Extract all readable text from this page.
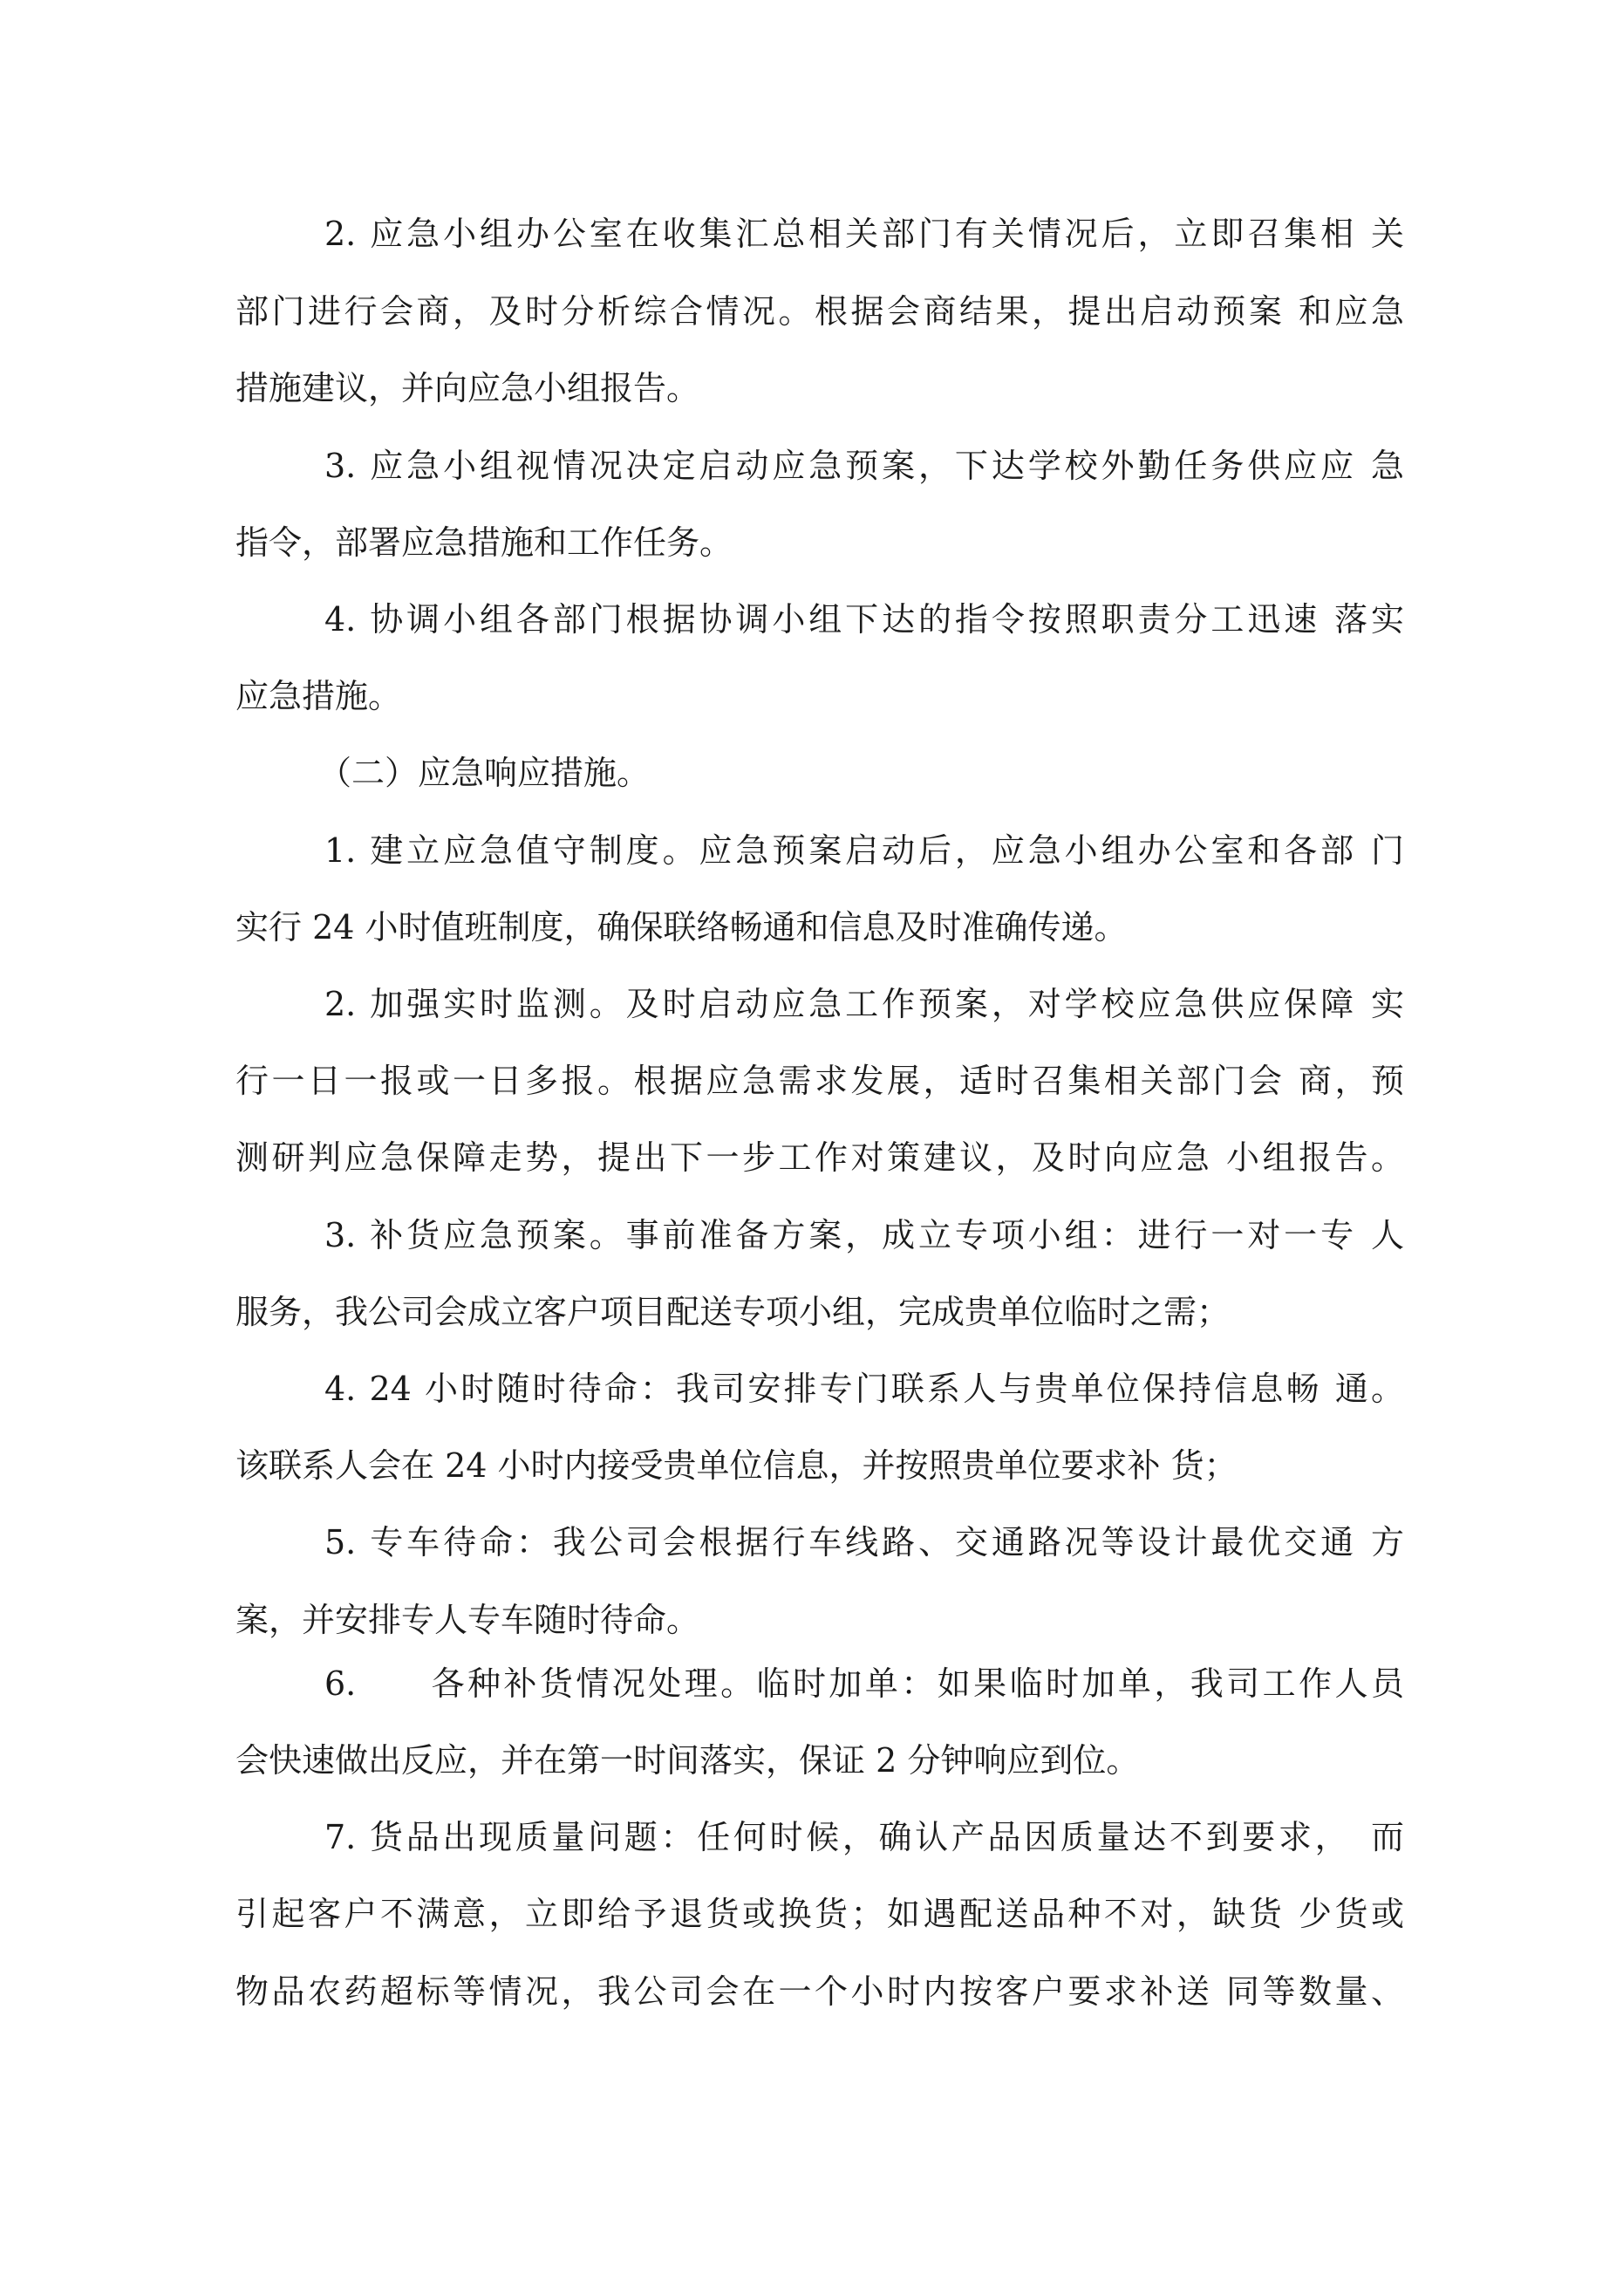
2. 应急小组办公室在收集汇总相关部门有关情况后，立即召集相 关
部门进行会商，及时分析综合情况。根据会商结果，提出启动预案 和应急
措施建议，并向应急小组报告。
3. 应急小组视情况决定启动应急预案，下达学校外勤任务供应应 急
指令，部署应急措施和工作任务。
4. 协调小组各部门根据协调小组下达的指令按照职责分工迅速 落实
应急措施。
（二）应急响应措施。
1. 建立应急值守制度。应急预案启动后，应急小组办公室和各部 门
实行 24 小时值班制度，确保联络畅通和信息及时准确传递。
2. 加强实时监测。及时启动应急工作预案，对学校应急供应保障 实
行一日一报或一日多报。根据应急需求发展，适时召集相关部门会 商，预
测研判应急保障走势，提出下一步工作对策建议，及时向应急 小组报告。
3. 补货应急预案。事前准备方案，成立专项小组：进行一对一专 人
服务，我公司会成立客户项目配送专项小组，完成贵单位临时之需；
4. 24 小时随时待命：我司安排专门联系人与贵单位保持信息畅 通。
该联系人会在 24 小时内接受贵单位信息，并按照贵单位要求补 货；
5. 专车待命：我公司会根据行车线路、交通路况等设计最优交通 方
案，并安排专人专车随时待命。
6.　　各种补货情况处理。临时加单：如果临时加单，我司工作人员
会快速做出反应，并在第一时间落实，保证 2 分钟响应到位。
7. 货品出现质量问题：任何时候，确认产品因质量达不到要求，　而
引起客户不满意，立即给予退货或换货；如遇配送品种不对，缺货 少货或
物品农药超标等情况，我公司会在一个小时内按客户要求补送 同等数量、
